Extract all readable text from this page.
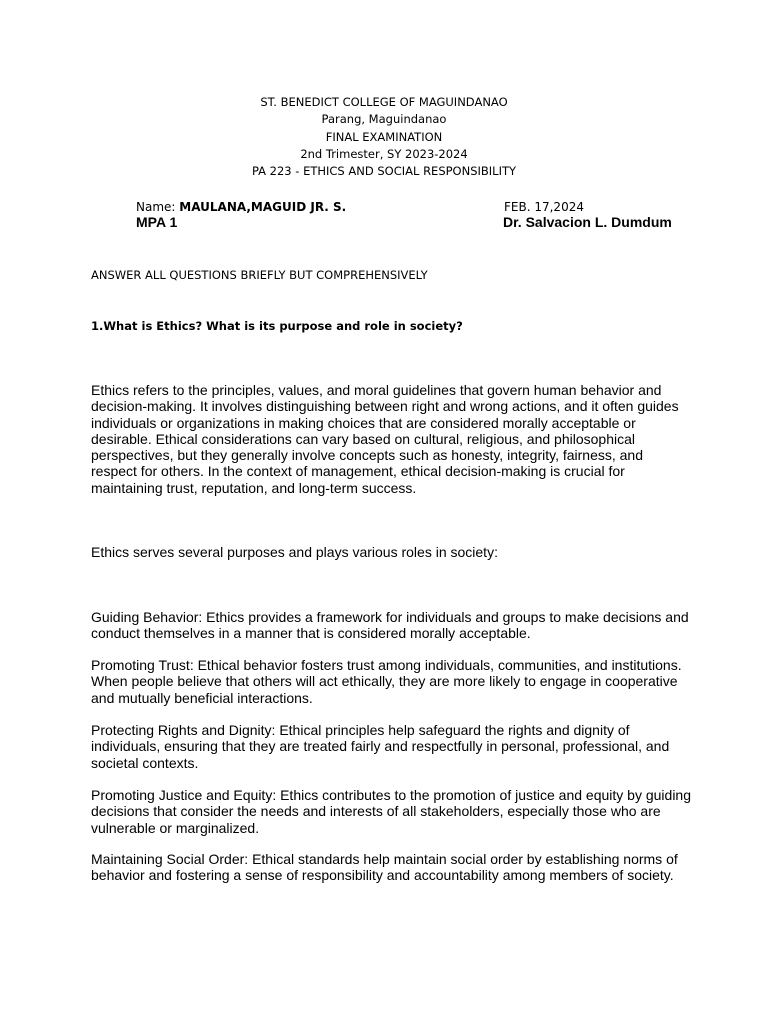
ST. BENEDICT COLLEGE OF MAGUINDANAO
Parang, Maguindanao
FINAL EXAMINATION
2nd Trimester, SY 2023-2024
PA 223 - ETHICS AND SOCIAL RESPONSIBILITY
Name: MAULANA,MAGUID JR. S.	FEB. 17,2024
MPA 1	Dr. Salvacion L. Dumdum
ANSWER ALL QUESTIONS BRIEFLY BUT COMPREHENSIVELY
1.What is Ethics? What is its purpose and role in society?
Ethics refers to the principles, values, and moral guidelines that govern human behavior and decision-making. It involves distinguishing between right and wrong actions, and it often guides individuals or organizations in making choices that are considered morally acceptable or desirable. Ethical considerations can vary based on cultural, religious, and philosophical perspectives, but they generally involve concepts such as honesty, integrity, fairness, and respect for others. In the context of management, ethical decision-making is crucial for maintaining trust, reputation, and long-term success.
Ethics serves several purposes and plays various roles in society:
Guiding Behavior: Ethics provides a framework for individuals and groups to make decisions and conduct themselves in a manner that is considered morally acceptable.
Promoting Trust: Ethical behavior fosters trust among individuals, communities, and institutions. When people believe that others will act ethically, they are more likely to engage in cooperative and mutually beneficial interactions.
Protecting Rights and Dignity: Ethical principles help safeguard the rights and dignity of individuals, ensuring that they are treated fairly and respectfully in personal, professional, and societal contexts.
Promoting Justice and Equity: Ethics contributes to the promotion of justice and equity by guiding decisions that consider the needs and interests of all stakeholders, especially those who are vulnerable or marginalized.
Maintaining Social Order: Ethical standards help maintain social order by establishing norms of behavior and fostering a sense of responsibility and accountability among members of society.
